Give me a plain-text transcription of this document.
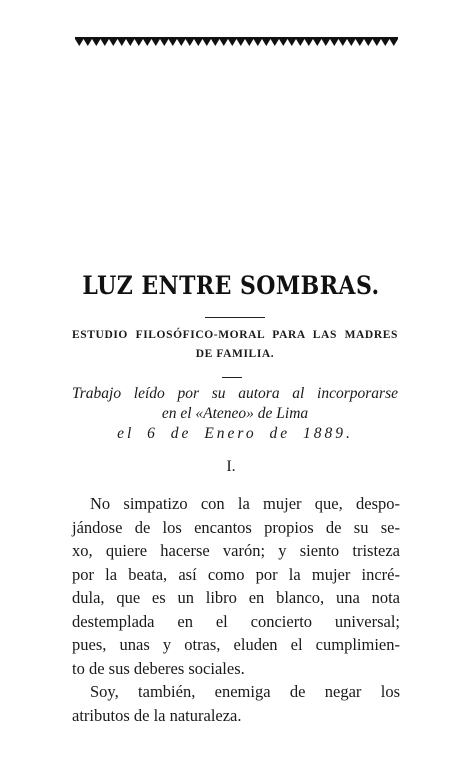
LUZ ENTRE SOMBRAS.
ESTUDIO FILOSÓFICO-MORAL PARA LAS MADRES
DE FAMILIA.
Trabajo leído por su autora al incorporarse
en el «Ateneo» de Lima
el 6 de Enero de 1889.
I.
No simpatizo con la mujer que, despo-
jándose de los encantos propios de su se-
xo, quiere hacerse varón; y siento tristeza
por la beata, así como por la mujer incré-
dula, que es un libro en blanco, una nota
destemplada en el concierto universal;
pues, unas y otras, eluden el cumplimien-
to de sus deberes sociales.
Soy, también, enemiga de negar los
atributos de la naturaleza.
